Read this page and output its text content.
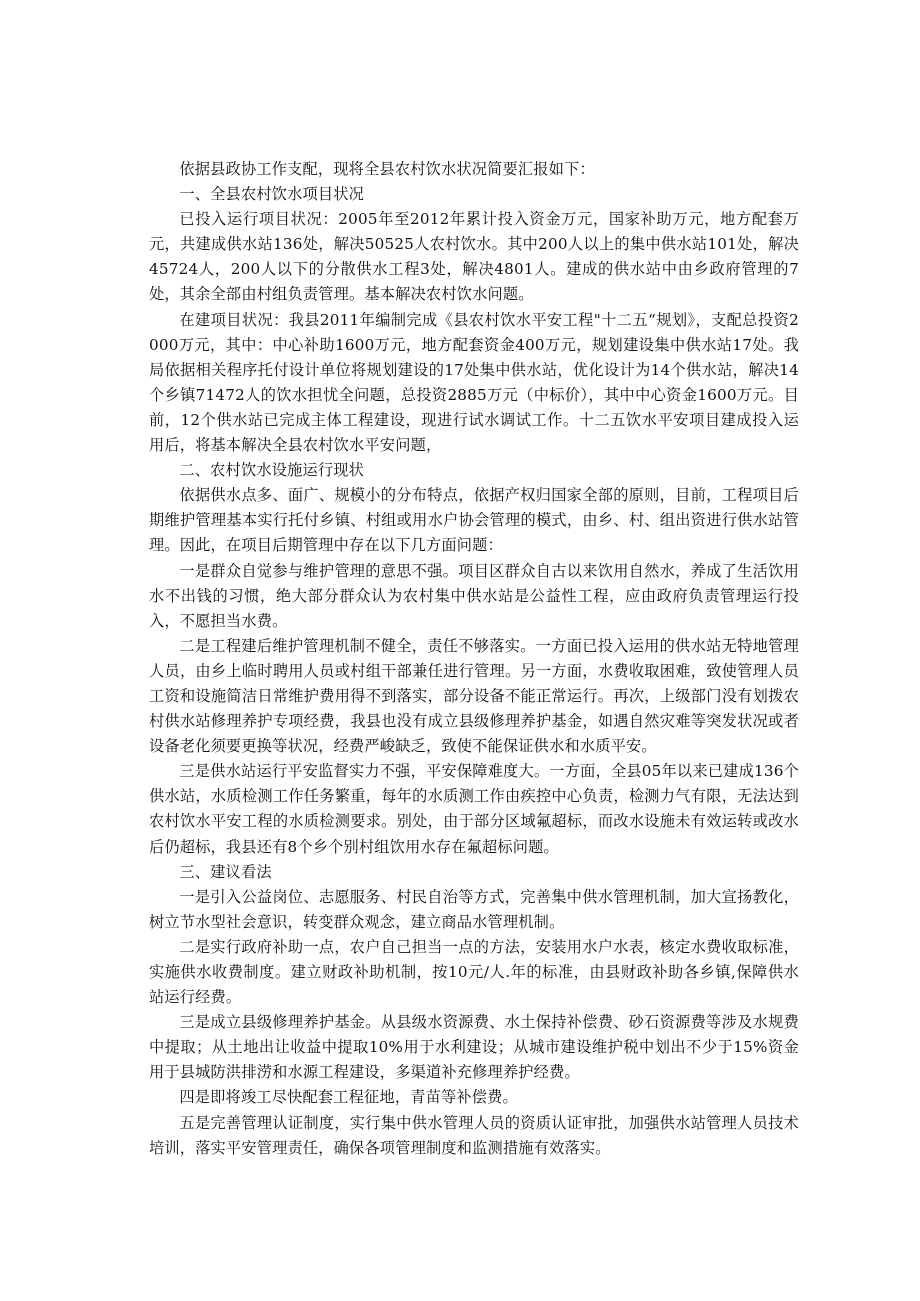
依据县政协工作支配，现将全县农村饮水状况简要汇报如下：

一、全县农村饮水项目状况

已投入运行项目状况：2005年至2012年累计投入资金万元，国家补助万元，地方配套万元，共建成供水站136处，解决50525人农村饮水。其中200人以上的集中供水站101处，解决45724人，200人以下的分散供水工程3处，解决4801人。建成的供水站中由乡政府管理的7处，其余全部由村组负责管理。基本解决农村饮水问题。

在建项目状况：我县2011年编制完成《县农村饮水平安工程"十二五“规划》，支配总投资2000万元，其中：中心补助1600万元，地方配套资金400万元，规划建设集中供水站17处。我局依据相关程序托付设计单位将规划建设的17处集中供水站，优化设计为14个供水站，解决14个乡镇71472人的饮水担忧全问题，总投资2885万元（中标价），其中中心资金1600万元。目前，12个供水站已完成主体工程建设，现进行试水调试工作。十二五饮水平安项目建成投入运用后，将基本解决全县农村饮水平安问题，

二、农村饮水设施运行现状

依据供水点多、面广、规模小的分布特点，依据产权归国家全部的原则，目前，工程项目后期维护管理基本实行托付乡镇、村组或用水户协会管理的模式，由乡、村、组出资进行供水站管理。因此，在项目后期管理中存在以下几方面问题：

一是群众自觉参与维护管理的意思不强。项目区群众自古以来饮用自然水，养成了生活饮用水不出钱的习惯，绝大部分群众认为农村集中供水站是公益性工程，应由政府负责管理运行投入，不愿担当水费。

二是工程建后维护管理机制不健全，责任不够落实。一方面已投入运用的供水站无特地管理人员，由乡上临时聘用人员或村组干部兼任进行管理。另一方面，水费收取困难，致使管理人员工资和设施简洁日常维护费用得不到落实，部分设备不能正常运行。再次，上级部门没有划拨农村供水站修理养护专项经费，我县也没有成立县级修理养护基金，如遇自然灾难等突发状况或者设备老化须要更换等状况，经费严峻缺乏，致使不能保证供水和水质平安。

三是供水站运行平安监督实力不强，平安保障难度大。一方面，全县05年以来已建成136个供水站，水质检测工作任务繁重，每年的水质测工作由疾控中心负责，检测力气有限，无法达到农村饮水平安工程的水质检测要求。别处，由于部分区域氟超标，而改水设施未有效运转或改水后仍超标，我县还有8个乡个别村组饮用水存在氟超标问题。

三、建议看法

一是引入公益岗位、志愿服务、村民自治等方式，完善集中供水管理机制，加大宣扬教化，树立节水型社会意识，转变群众观念，建立商品水管理机制。

二是实行政府补助一点，农户自己担当一点的方法，安装用水户水表，核定水费收取标准，实施供水收费制度。建立财政补助机制，按10元/人.年的标准，由县财政补助各乡镇,保障供水站运行经费。

三是成立县级修理养护基金。从县级水资源费、水土保持补偿费、砂石资源费等涉及水规费中提取；从土地出让收益中提取10%用于水利建设；从城市建设维护税中划出不少于15%资金用于县城防洪排涝和水源工程建设，多渠道补充修理养护经费。

四是即将竣工尽快配套工程征地，青苗等补偿费。

五是完善管理认证制度，实行集中供水管理人员的资质认证审批，加强供水站管理人员技术培训，落实平安管理责任，确保各项管理制度和监测措施有效落实。
